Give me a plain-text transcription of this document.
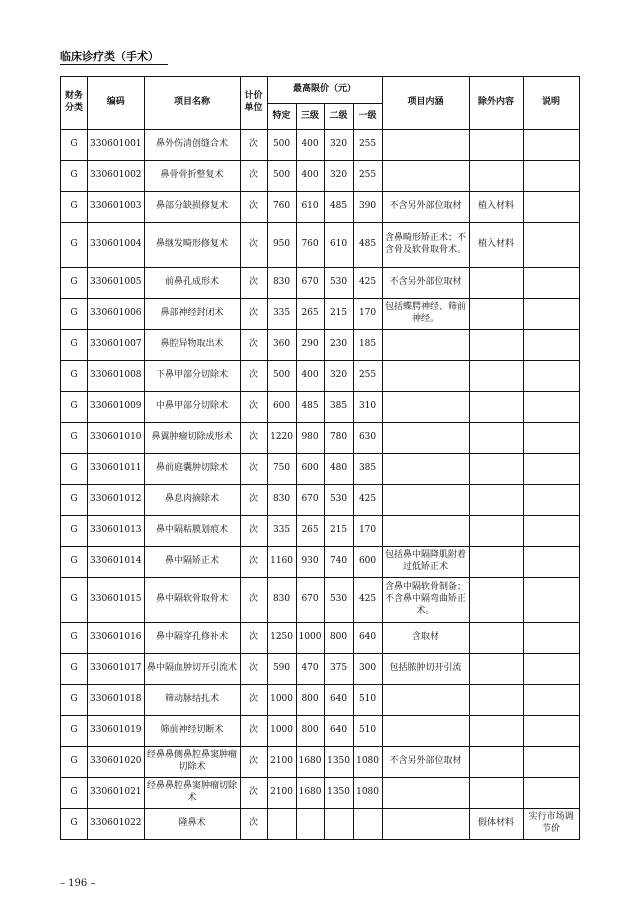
临床诊疗类（手术）
财务分类	编码	项目名称	计价单位	最高限价（元）				项目内涵	除外内容	说明
				特定	三级	二级	一级			
G	330601001	鼻外伤清创缝合术	次	500	400	320	255			
G	330601002	鼻骨骨折整复术	次	500	400	320	255			
G	330601003	鼻部分缺损修复术	次	760	610	485	390	不含另外部位取材	植入材料	
G	330601004	鼻继发畸形修复术	次	950	760	610	485	含鼻畸形矫正术；不含骨及软骨取骨术。	植入材料	
G	330601005	前鼻孔成形术	次	830	670	530	425	不含另外部位取材		
G	330601006	鼻部神经封闭术	次	335	265	215	170	包括蝶腭神经、筛前神经。		
G	330601007	鼻腔异物取出术	次	360	290	230	185			
G	330601008	下鼻甲部分切除术	次	500	400	320	255			
G	330601009	中鼻甲部分切除术	次	600	485	385	310			
G	330601010	鼻翼肿瘤切除成形术	次	1220	980	780	630			
G	330601011	鼻前庭囊肿切除术	次	750	600	480	385			
G	330601012	鼻息肉摘除术	次	830	670	530	425			
G	330601013	鼻中隔粘膜划痕术	次	335	265	215	170			
G	330601014	鼻中隔矫正术	次	1160	930	740	600	包括鼻中隔降肌附着过低矫正术		
G	330601015	鼻中隔软骨取骨术	次	830	670	530	425	含鼻中隔软骨制备；不含鼻中隔弯曲矫正术。		
G	330601016	鼻中隔穿孔修补术	次	1250	1000	800	640	含取材		
G	330601017	鼻中隔血肿切开引流术	次	590	470	375	300	包括脓肿切开引流		
G	330601018	筛动脉结扎术	次	1000	800	640	510			
G	330601019	筛前神经切断术	次	1000	800	640	510			
G	330601020	经鼻鼻侧鼻腔鼻窦肿瘤切除术	次	2100	1680	1350	1080	不含另外部位取材		
G	330601021	经鼻鼻腔鼻窦肿瘤切除术	次	2100	1680	1350	1080			
G	330601022	隆鼻术	次						假体材料	实行市场调节价
– 196 –
